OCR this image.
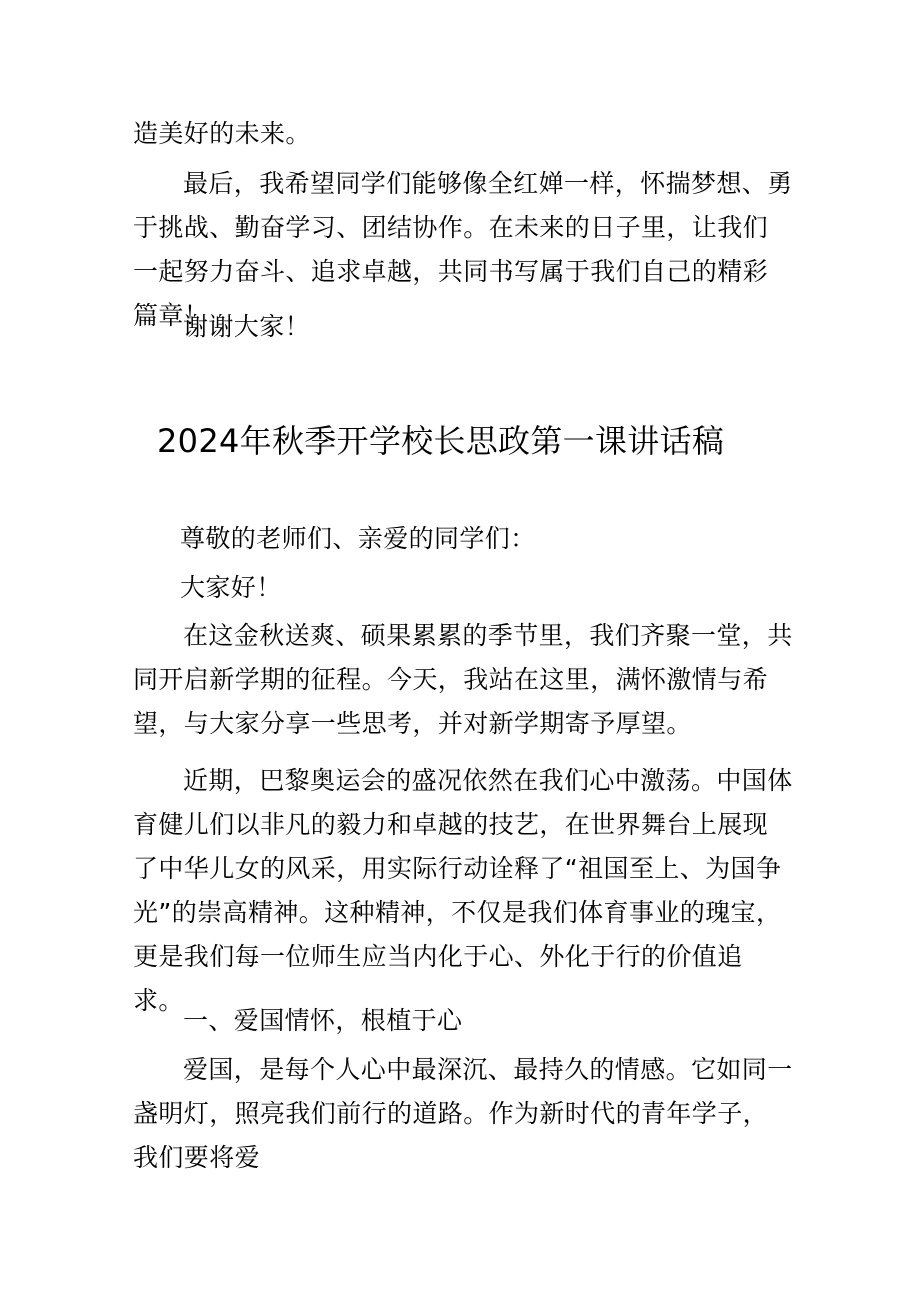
造美好的未来。

最后，我希望同学们能够像全红婵一样，怀揣梦想、勇于挑战、勤奋学习、团结协作。在未来的日子里，让我们一起努力奋斗、追求卓越，共同书写属于我们自己的精彩篇章！

谢谢大家！

2024年秋季开学校长思政第一课讲话稿

尊敬的老师们、亲爱的同学们：

大家好！

在这金秋送爽、硕果累累的季节里，我们齐聚一堂，共同开启新学期的征程。今天，我站在这里，满怀激情与希望，与大家分享一些思考，并对新学期寄予厚望。

近期，巴黎奥运会的盛况依然在我们心中激荡。中国体育健儿们以非凡的毅力和卓越的技艺，在世界舞台上展现了中华儿女的风采，用实际行动诠释了“祖国至上、为国争光”的崇高精神。这种精神，不仅是我们体育事业的瑰宝，更是我们每一位师生应当内化于心、外化于行的价值追求。

一、爱国情怀，根植于心

爱国，是每个人心中最深沉、最持久的情感。它如同一盏明灯，照亮我们前行的道路。作为新时代的青年学子，我们要将爱
